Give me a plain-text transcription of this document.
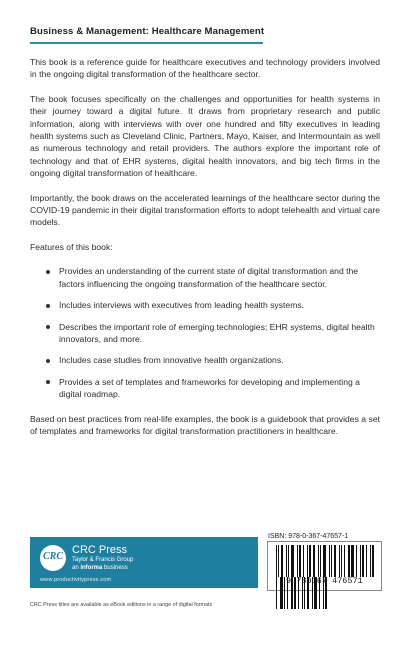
Business & Management: Healthcare Management

This book is a reference guide for healthcare executives and technology providers involved in the ongoing digital transformation of the healthcare sector.

The book focuses specifically on the challenges and opportunities for health systems in their journey toward a digital future. It draws from proprietary research and public information, along with interviews with over one hundred and fifty executives in leading health systems such as Cleveland Clinic, Partners, Mayo, Kaiser, and Intermountain as well as numerous technology and retail providers. The authors explore the important role of technology and that of EHR systems, digital health innovators, and big tech firms in the ongoing digital transformation of healthcare.

Importantly, the book draws on the accelerated learnings of the healthcare sector during the COVID-19 pandemic in their digital transformation efforts to adopt telehealth and virtual care models.

Features of this book:

Provides an understanding of the current state of digital transformation and the factors influencing the ongoing transformation of the healthcare sector.
Includes interviews with executives from leading health systems.
Describes the important role of emerging technologies; EHR systems, digital health innovators, and more.
Includes case studies from innovative health organizations.
Provides a set of templates and frameworks for developing and implementing a digital roadmap.

Based on best practices from real-life examples, the book is a guidebook that provides a set of templates and frameworks for digital transformation practitioners in healthcare.

CRC
CRC Press
Taylor & Francis Group
an informa business
www.productivitypress.com
ISBN: 978-0-367-47657-1
9 780367 476571
CRC Press titles are available as eBook editions in a range of digital formats
